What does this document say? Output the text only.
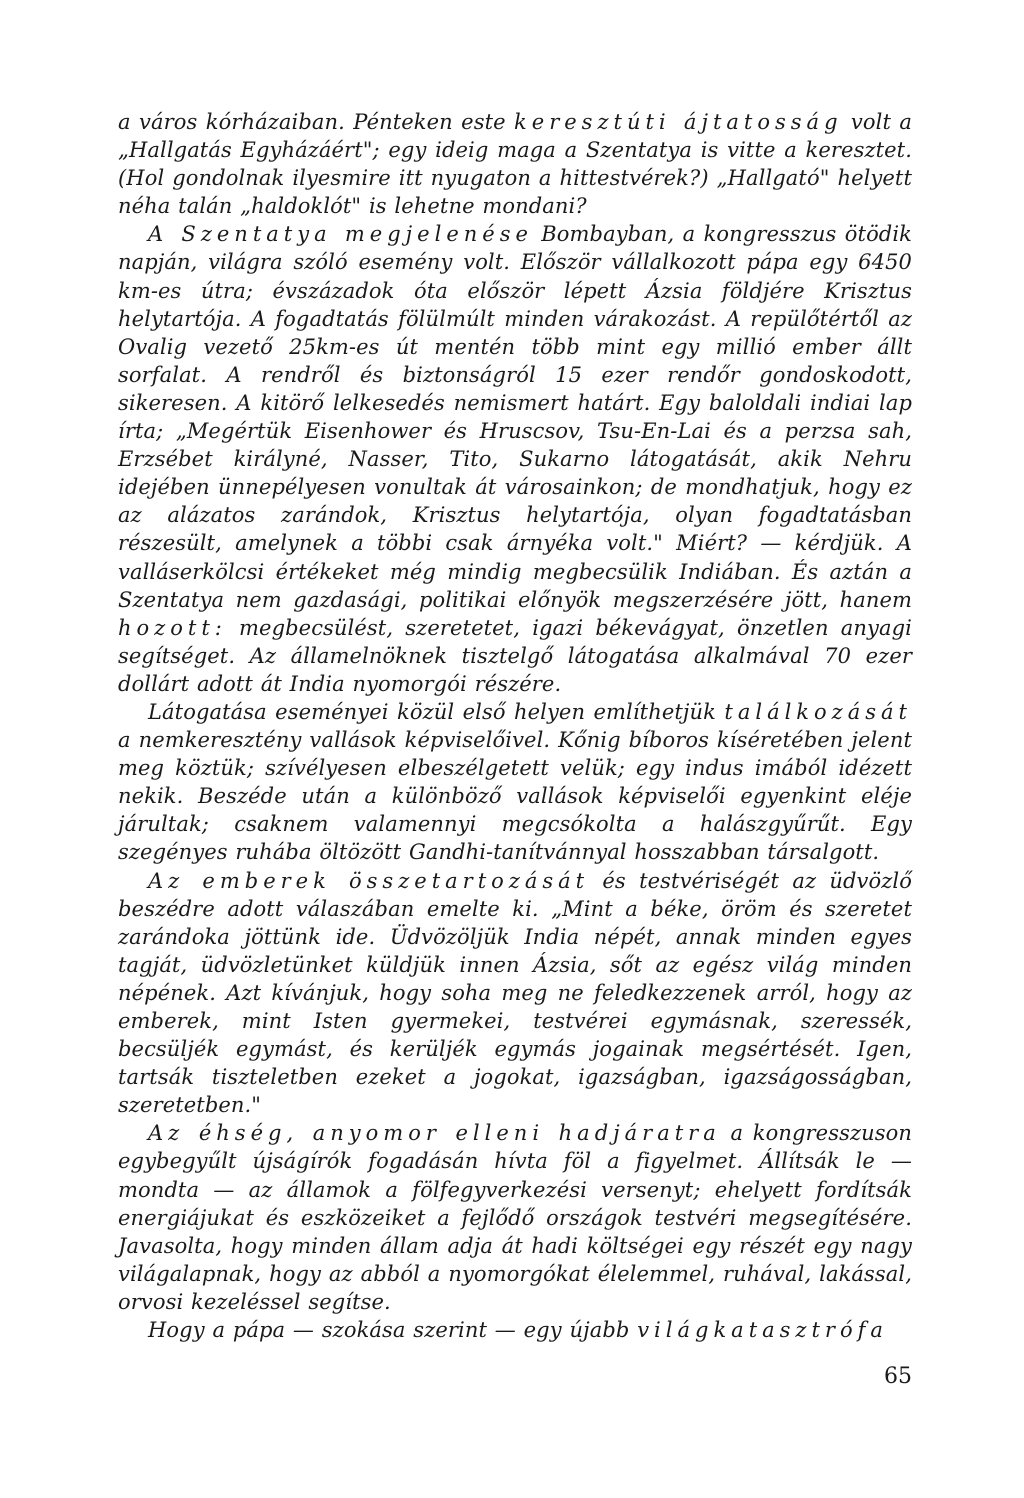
a város kórházaiban. Pénteken este keresztúti ájtatosság volt a „Hallgatás Egyházáért"; egy ideig maga a Szentatya is vitte a keresztet. (Hol gondolnak ilyesmire itt nyugaton a hittestvérek?) „Hallgató" helyett néha talán „haldoklót" is lehetne mondani?

A Szentatya megjelenése Bombayban, a kongresszus ötödik napján, világra szóló esemény volt. Először vállalkozott pápa egy 6450 km-es útra; évszázadok óta először lépett Ázsia földjére Krisztus helytartója. A fogadtatás fölülmúlt minden várakozást. A repülőtértől az Ovalig vezető 25km-es út mentén több mint egy millió ember állt sorfalat. A rendről és biztonságról 15 ezer rendőr gondoskodott, sikeresen. A kitörő lelkesedés nemismert határt. Egy baloldali indiai lap írta; „Megértük Eisenhower és Hruscsov, Tsu-En-Lai és a perzsa sah, Erzsébet királyné, Nasser, Tito, Sukarno látogatását, akik Nehru idejében ünnepélyesen vonultak át városainkon; de mondhatjuk, hogy ez az alázatos zarándok, Krisztus helytartója, olyan fogadtatásban részesült, amelynek a többi csak árnyéka volt." Miért? — kérdjük. A valláserkölcsi értékeket még mindig megbecsülik Indiában. És aztán a Szentatya nem gazdasági, politikai előnyök megszerzésére jött, hanem hozott: megbecsülést, szeretetet, igazi békevágyat, önzetlen anyagi segítséget. Az államelnöknek tisztelgő látogatása alkalmával 70 ezer dollárt adott át India nyomorgói részére.

Látogatása eseményei közül első helyen említhetjük találkozását a nemkeresztény vallások képviselőivel. Kőnig bíboros kíséretében jelent meg köztük; szívélyesen elbeszélgetett velük; egy indus imából idézett nekik. Beszéde után a különböző vallások képviselői egyenkint eléje járultak; csaknem valamennyi megcsókolta a halászgyűrűt. Egy szegényes ruhába öltözött Gandhi-tanítvánnyal hosszabban társalgott.

Az emberek összetartozását és testvériségét az üdvözlő beszédre adott válaszában emelte ki. „Mint a béke, öröm és szeretet zarándoka jöttünk ide. Üdvözöljük India népét, annak minden egyes tagját, üdvözletünket küldjük innen Ázsia, sőt az egész világ minden népének. Azt kívánjuk, hogy soha meg ne feledkezzenek arról, hogy az emberek, mint Isten gyermekei, testvérei egymásnak, szeressék, becsüljék egymást, és kerüljék egymás jogainak megsértését. Igen, tartsák tiszteletben ezeket a jogokat, igazságban, igazságosságban, szeretetben."

Az éhség, anyomor elleni hadjáratra a kongresszuson egybegyűlt újságírók fogadásán hívta föl a figyelmet. Állítsák le — mondta — az államok a fölfegyverkezési versenyt; ehelyett fordítsák energiájukat és eszközeiket a fejlődő országok testvéri megsegítésére. Javasolta, hogy minden állam adja át hadi költségei egy részét egy nagy világalapnak, hogy az abból a nyomorgókat élelemmel, ruhával, lakással, orvosi kezeléssel segítse.

Hogy a pápa — szokása szerint — egy újabb világkatasztrófa

65
